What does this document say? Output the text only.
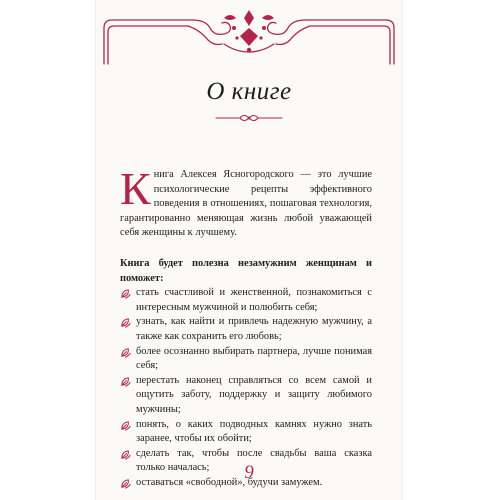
О книге

Книга Алексея Ясногородского — это лучшие психологические рецепты эффективного поведения в отношениях, пошаговая технология, гарантированно меняющая жизнь любой уважающей себя женщины к лучшему.

Книга будет полезна незамужним женщинам и поможет:

стать счастливой и женственной, познакомиться с интересным мужчиной и полюбить себя;
узнать, как найти и привлечь надежную мужчину, а также как сохранить его любовь;
более осознанно выбирать партнера, лучше понимая себя;
перестать наконец справляться со всем самой и ощутить заботу, поддержку и защиту любимого мужчины;
понять, о каких подводных камнях нужно знать заранее, чтобы их обойти;
сделать так, чтобы после свадьбы ваша сказка только началась;
оставаться «свободной», будучи замужем.
9
